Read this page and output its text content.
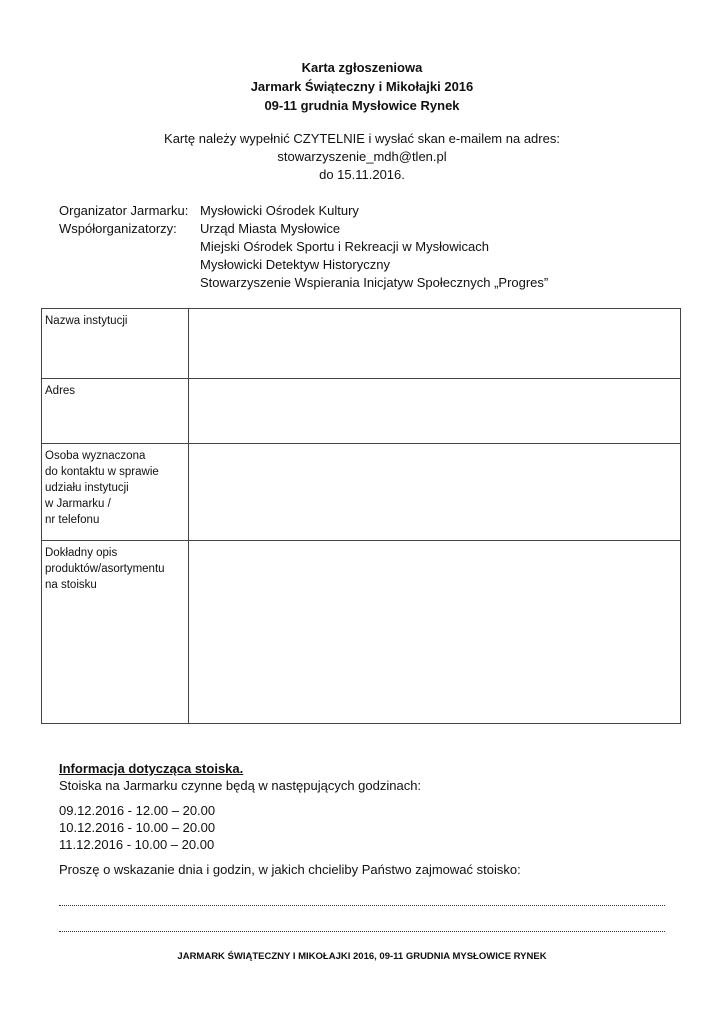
Karta zgłoszeniowa
Jarmark Świąteczny i Mikołajki 2016
09-11 grudnia Mysłowice Rynek
Kartę należy wypełnić CZYTELNIE i wysłać skan e-mailem na adres:
stowarzyszenie_mdh@tlen.pl
do 15.11.2016.
Organizator Jarmarku: Mysłowicki Ośrodek Kultury
Współorganizatorzy:	Urząd Miasta Mysłowice
Miejski Ośrodek Sportu i Rekreacji w Mysłowicach
Mysłowicki Detektyw Historyczny
Stowarzyszenie Wspierania Inicjatyw Społecznych „Progres”
Nazwa instytucji	
Adres	

Osoba wyznaczona
do kontaktu w sprawie
udziału instytucji
w Jarmarku /
nr telefonu	

Dokładny opis
produktów/asortymentu
na stoisku	

Informacja dotycząca stoiska.

Stoiska na Jarmarku czynne będą w następujących godzinach:

09.12.2016 - 12.00 – 20.00

10.12.2016 - 10.00 – 20.00

11.12.2016 - 10.00 – 20.00

Proszę o wskazanie dnia i godzin, w jakich chcieliby Państwo zajmować stoisko:

JARMARK ŚWIĄTECZNY I MIKOŁAJKI 2016, 09-11 GRUDNIA MYSŁOWICE RYNEK
